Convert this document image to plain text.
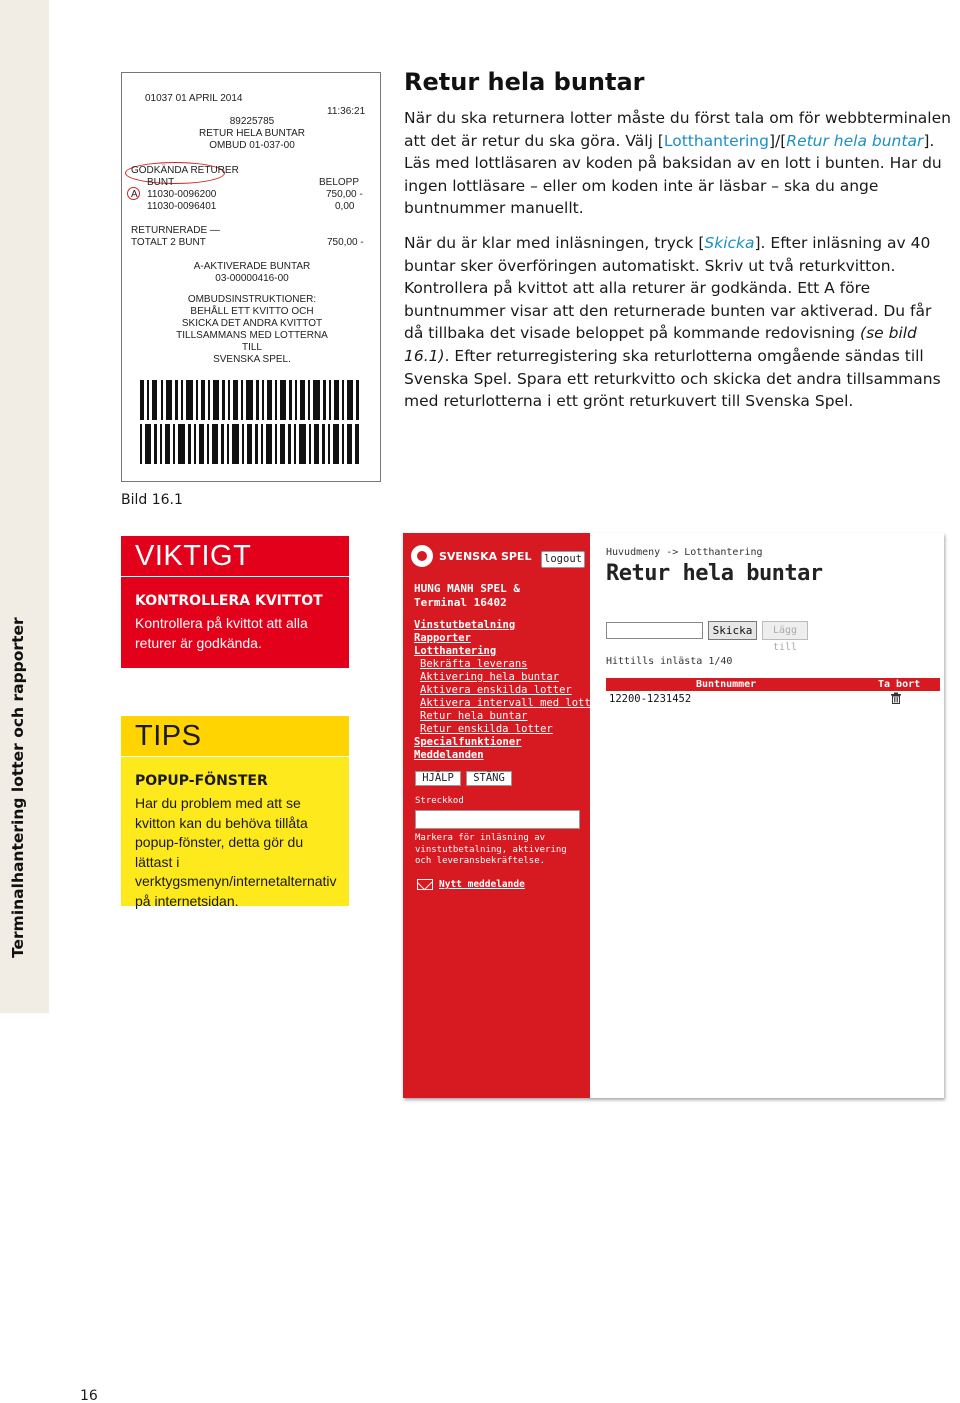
Terminalhantering lotter och rapporter
16
01037 01 APRIL 2014
11:36:21
89225785
RETUR HELA BUNTAR
OMBUD 01-037-00
GODKÄNDA RETURER
BUNT	BELOPP
A 11030-0096200	750,00 -
11030-0096401	0,00
RETURNERADE —
TOTALT 2 BUNT	750,00 -
A-AKTIVERADE BUNTAR
03-00000416-00
OMBUDSINSTRUKTIONER:
BEHÅLL ETT KVITTO OCH
SKICKA DET ANDRA KVITTOT
TILLSAMMANS MED LOTTERNA
TILL
SVENSKA SPEL.
Bild 16.1
Retur hela buntar

När du ska returnera lotter måste du först tala om för webbterminalen att det är retur du ska göra. Välj [Lotthantering]/[Retur hela buntar]. Läs med lottläsaren av koden på baksidan av en lott i bunten. Har du ingen lottläsare – eller om koden inte är läsbar – ska du ange buntnummer manuellt.

När du är klar med inläsningen, tryck [Skicka]. Efter inläsning av 40 buntar sker överföringen automatiskt. Skriv ut två returkvitton. Kontrollera på kvittot att alla returer är godkända. Ett A före buntnummer visar att den returnerade bunten var aktiverad. Du får då tillbaka det visade beloppet på kommande redovisning (se bild 16.1). Efter returregistering ska returlotterna omgående sändas till Svenska Spel. Spara ett returkvitto och skicka det andra tillsammans med returlotterna i ett grönt returkuvert till Svenska Spel.

VIKTIGT
KONTROLLERA KVITTOT
Kontrollera på kvittot att alla returer är godkända.
TIPS
POPUP-FÖNSTER
Har du problem med att se kvitton kan du behöva tillåta popup-fönster, detta gör du lättast i verktygsmenyn/internetalternativ på internetsidan.
SVENSKA SPEL logout
HUNG MANH SPEL &
Terminal 16402
Vinstutbetalning
Rapporter
Lotthantering
Bekräfta leverans
Aktivering hela buntar
Aktivera enskilda lotter
Aktivera intervall med lotter
Retur hela buntar
Retur enskilda lotter
Specialfunktioner
Meddelanden
HJÄLP	STÄNG
Streckkod
Markera för inläsning av vinstutbetalning, aktivering och leveransbekräftelse.
Nytt meddelande
Huvudmeny -> Lotthantering
Retur hela buntar
Skicka	Lägg till
Hittills inlästa 1/40
Buntnummer	Ta bort
12200-1231452
